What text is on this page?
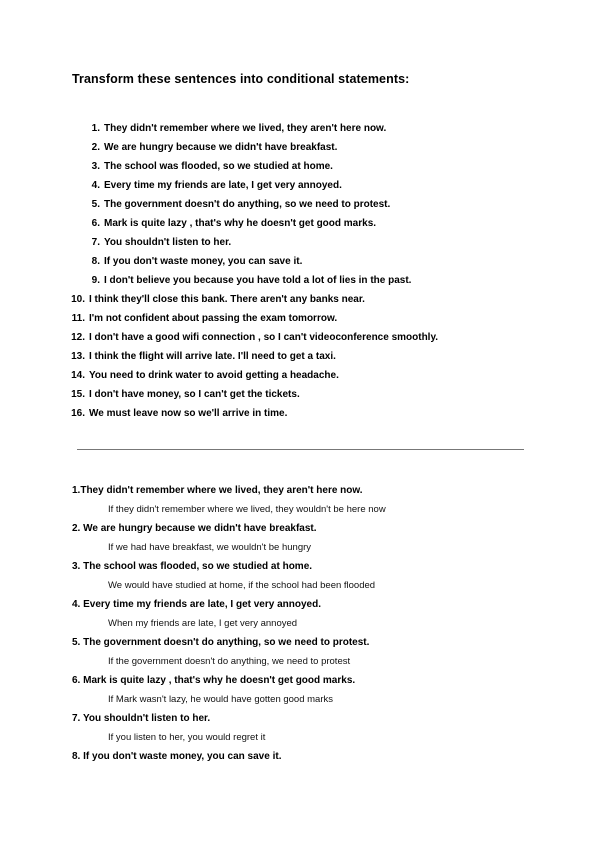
Transform these sentences into conditional statements:
1. They didn't remember where we lived, they aren't here now.
2. We are hungry because we didn't have breakfast.
3. The school was flooded, so we studied at home.
4. Every time my friends are late, I get very annoyed.
5. The government doesn't do anything, so we need to protest.
6. Mark is quite lazy , that's why he doesn't get good marks.
7. You shouldn't listen to her.
8. If you don't waste money, you can save it.
9. I don't believe you because you have told a lot of lies in the past.
10. I think they'll close this bank. There aren't any banks near.
11. I'm not confident about passing the exam tomorrow.
12. I don't have a good wifi connection , so I can't videoconference smoothly.
13. I think the flight will arrive late. I'll need to get a taxi.
14. You need to drink water to avoid getting a headache.
15. I don't have money, so I can't get the tickets.
16. We must leave now so we'll arrive in time.
1.They didn't remember where we lived, they aren't here now.
If they didn't remember where we lived, they wouldn't be here now
2. We are hungry because we didn't have breakfast.
If we had have breakfast, we wouldn't be hungry
3. The school was flooded, so we studied at home.
We would have studied at home, if the school had been flooded
4. Every time my friends are late, I get very annoyed.
When my friends are late, I get very annoyed
5. The government doesn't do anything, so we need to protest.
If the government doesn't do anything, we need to protest
6. Mark is quite lazy , that's why he doesn't get good marks.
If Mark wasn't lazy, he would have gotten good marks
7. You shouldn't listen to her.
If you listen to her, you would regret it
8. If you don't waste money, you can save it.
